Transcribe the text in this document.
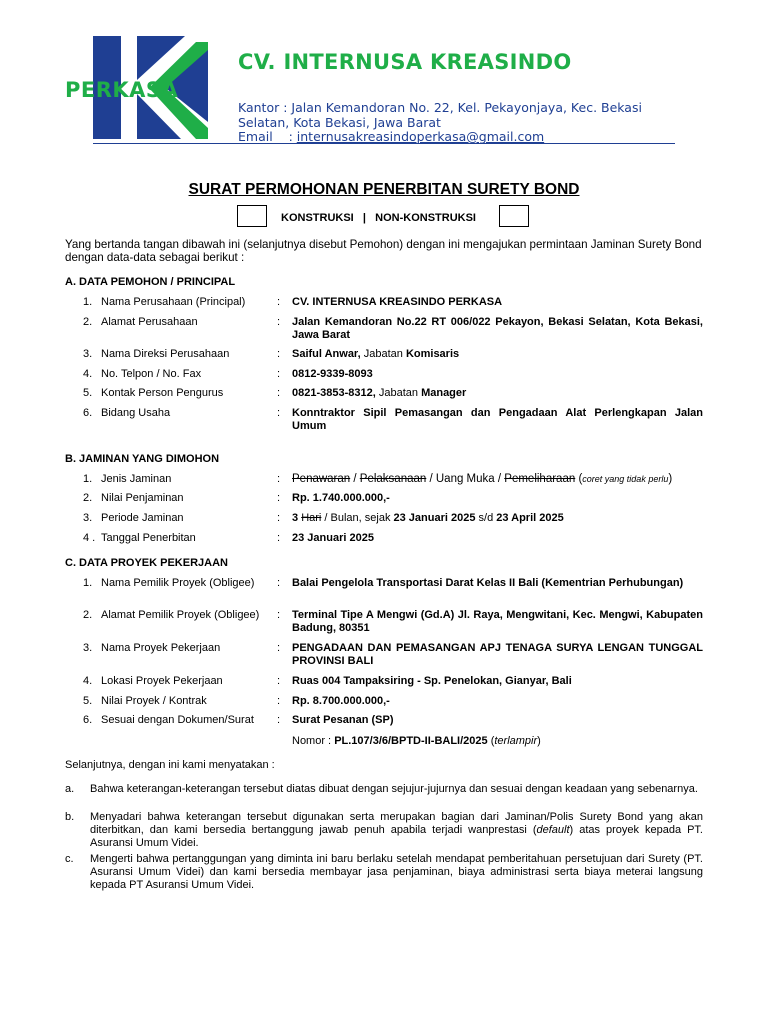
PERKASA
CV. INTERNUSA KREASINDO
Kantor : Jalan Kemandoran No. 22, Kel. Pekayonjaya, Kec. Bekasi
Selatan, Kota Bekasi, Jawa Barat
Email    : internusakreasindoperkasa@gmail.com
SURAT PERMOHONAN PENERBITAN SURETY BOND
KONSTRUKSI | NON-KONSTRUKSI
Yang bertanda tangan dibawah ini (selanjutnya disebut Pemohon) dengan ini mengajukan permintaan Jaminan Surety Bond dengan data-data sebagai berikut :
A. DATA PEMOHON / PRINCIPAL
1. Nama Perusahaan (Principal)	: CV. INTERNUSA KREASINDO PERKASA
2. Alamat Perusahaan	: Jalan Kemandoran No.22 RT 006/022 Pekayon, Bekasi Selatan, Kota Bekasi, Jawa Barat
3. Nama Direksi Perusahaan	: Saiful Anwar, Jabatan Komisaris
4. No. Telpon / No. Fax	: 0812-9339-8093
5. Kontak Person Pengurus	: 0821-3853-8312, Jabatan Manager
6. Bidang Usaha	: Konntraktor Sipil Pemasangan dan Pengadaan Alat Perlengkapan Jalan Umum
B. JAMINAN YANG DIMOHON
1. Jenis Jaminan	: Penawaran / Pelaksanaan / Uang Muka / Pemeliharaan (coret yang tidak perlu)
2. Nilai Penjaminan	: Rp. 1.740.000.000,-
3. Periode Jaminan	: 3 Hari / Bulan, sejak 23 Januari 2025 s/d 23 April 2025
4 . Tanggal Penerbitan	: 23 Januari 2025
C. DATA PROYEK PEKERJAAN
1. Nama Pemilik Proyek (Obligee) : Balai Pengelola Transportasi Darat Kelas II Bali (Kementrian Perhubungan)
2. Alamat Pemilik Proyek (Obligee) : Terminal Tipe A Mengwi (Gd.A) Jl. Raya, Mengwitani, Kec. Mengwi, Kabupaten Badung, 80351
3. Nama Proyek Pekerjaan	: PENGADAAN DAN PEMASANGAN APJ TENAGA SURYA LENGAN TUNGGAL PROVINSI BALI
4. Lokasi Proyek Pekerjaan	: Ruas 004 Tampaksiring - Sp. Penelokan, Gianyar, Bali
5. Nilai Proyek / Kontrak	: Rp. 8.700.000.000,-
6. Sesuai dengan Dokumen/Surat : Surat Pesanan (SP)
Nomor : PL.107/3/6/BPTD-II-BALI/2025 (terlampir)
Selanjutnya, dengan ini kami menyatakan :
a. Bahwa keterangan-keterangan tersebut diatas dibuat dengan sejujur-jujurnya dan sesuai dengan keadaan yang sebenarnya.
b. Menyadari bahwa keterangan tersebut digunakan serta merupakan bagian dari Jaminan/Polis Surety Bond yang akan diterbitkan, dan kami bersedia bertanggung jawab penuh apabila terjadi wanprestasi (default) atas proyek kepada PT. Asuransi Umum Videi.
c. Mengerti bahwa pertanggungan yang diminta ini baru berlaku setelah mendapat pemberitahuan persetujuan dari Surety (PT. Asuransi Umum Videi) dan kami bersedia membayar jasa penjaminan, biaya administrasi serta biaya meterai langsung kepada PT Asuransi Umum Videi.
